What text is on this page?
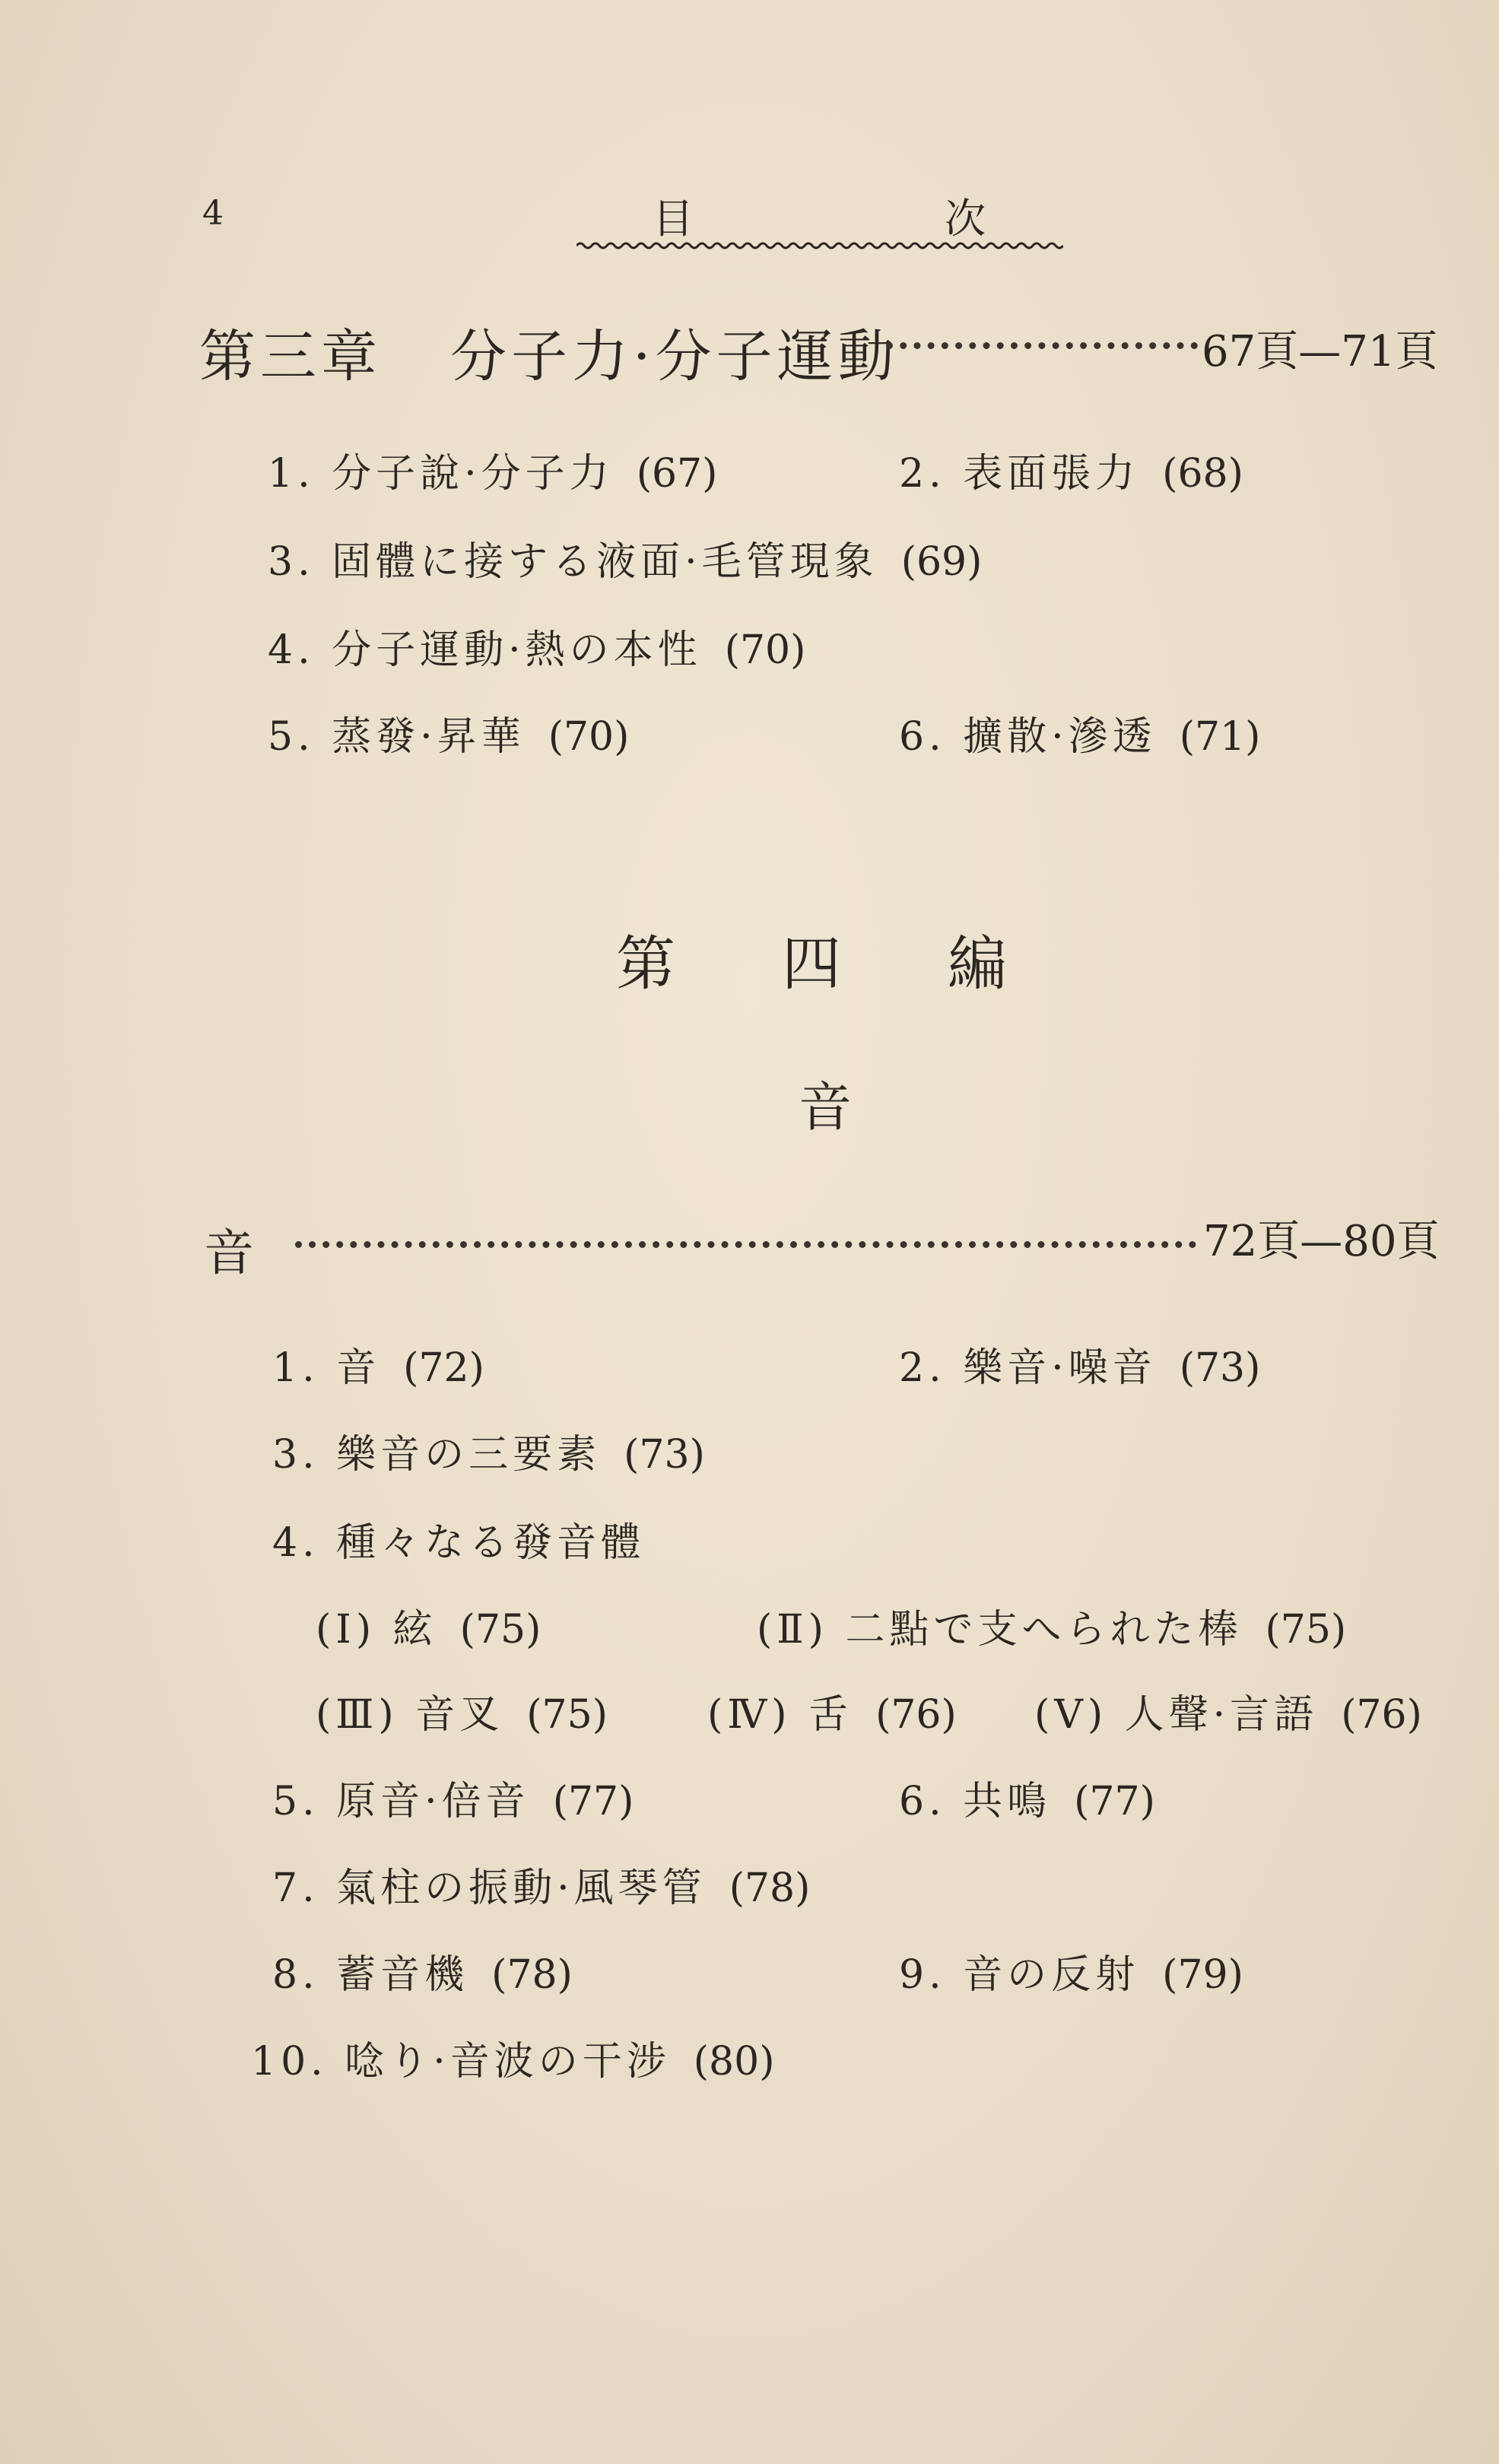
4	目次
第三章 分子力·分子運動	67頁—71頁
1. 分子說·分子力 (67)	2. 表面張力 (68)
3. 固體に接する液面·毛管現象 (69)
4. 分子運動·熱の本性 (70)
5. 蒸發·昇華 (70)	6. 擴散·滲透 (71)
第四編
音
音	72頁—80頁
1. 音 (72)	2. 樂音·噪音 (73)
3. 樂音の三要素 (73)
4. 種々なる發音體
(Ⅰ) 絃 (75)	(Ⅱ) 二點で支へられた棒 (75)
(Ⅲ) 音叉 (75)	(Ⅳ) 舌 (76) (Ⅴ) 人聲·言語 (76)
5. 原音·倍音 (77)	6. 共鳴 (77)
7. 氣柱の振動·風琴管 (78)
8. 蓄音機 (78)	9. 音の反射 (79)
10. 唸り·音波の干涉 (80)
